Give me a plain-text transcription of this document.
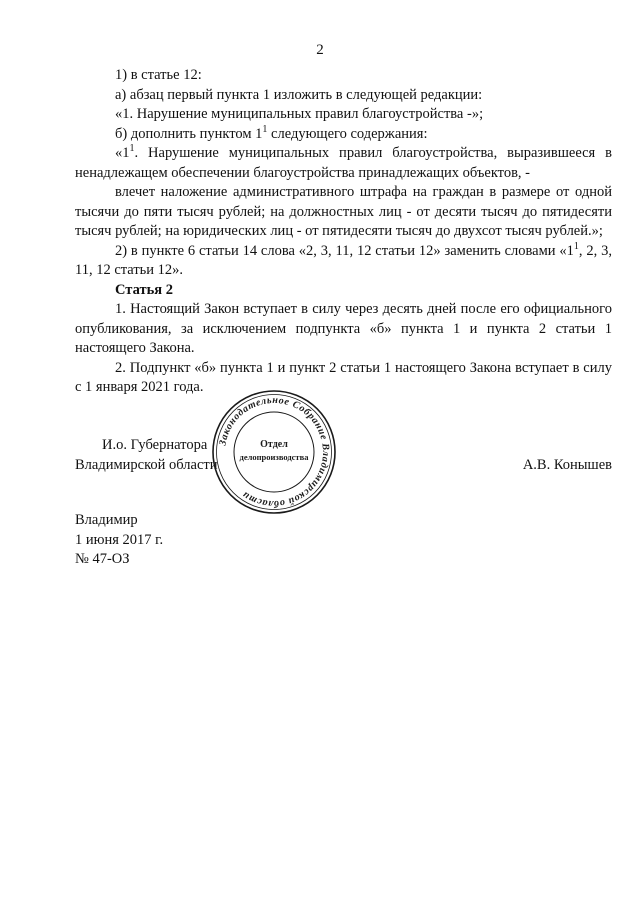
2

1) в статье 12:

а) абзац первый пункта 1 изложить в следующей редакции:

«1. Нарушение муниципальных правил благоустройства -»;

б) дополнить пунктом $1^1$ следующего содержания:

«$1^1$. Нарушение муниципальных правил благоустройства, выразившееся в ненадлежащем обеспечении благоустройства принадлежащих объектов, -

влечет наложение административного штрафа на граждан в размере от одной тысячи до пяти тысяч рублей; на должностных лиц - от десяти тысяч до пятидесяти тысяч рублей; на юридических лиц - от пятидесяти тысяч до двухсот тысяч рублей.»;

2) в пункте 6 статьи 14 слова «2, 3, 11, 12 статьи 12» заменить словами «$1^1$, 2, 3, 11, 12 статьи 12».

Статья 2

1. Настоящий Закон вступает в силу через десять дней после его официального опубликования, за исключением подпункта «б» пункта 1 и пункта 2 статьи 1 настоящего Закона.

2. Подпункт «б» пункта 1 и пункт 2 статьи 1 настоящего Закона вступает в силу с 1 января 2021 года.

И.о. Губернатора
Владимирской области	А.В. Конышев
Законодательное Собрание Владимирской области
Отдел
делопроизводства
Владимир
1 июня 2017 г.
№ 47-ОЗ
